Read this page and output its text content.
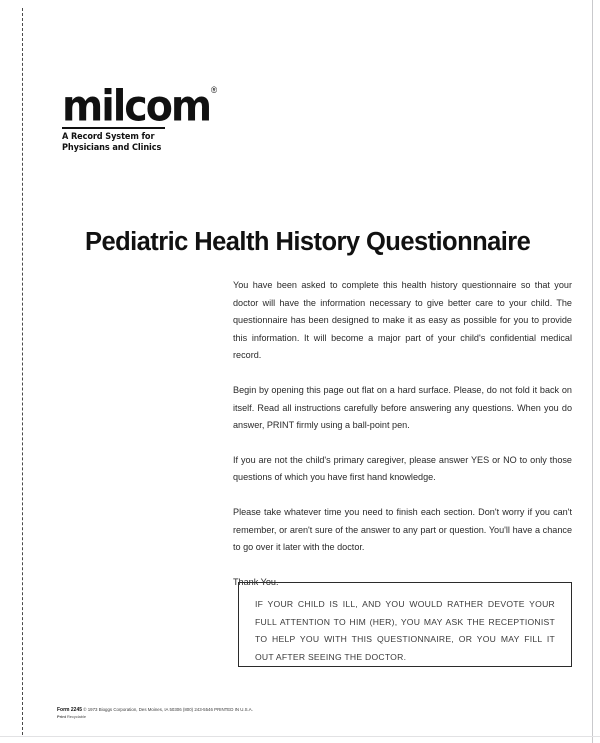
milcom®
A Record System for
Physicians and Clinics
Pediatric Health History Questionnaire

You have been asked to complete this health history questionnaire so that your doctor will have the information necessary to give better care to your child. The questionnaire has been designed to make it as easy as possible for you to provide this information. It will become a major part of your child's confidential medical record.

Begin by opening this page out flat on a hard surface. Please, do not fold it back on itself. Read all instructions carefully before answering any questions. When you do answer, PRINT firmly using a ball-point pen.

If you are not the child's primary caregiver, please answer YES or NO to only those questions of which you have first hand knowledge.

Please take whatever time you need to finish each section. Don't worry if you can't remember, or aren't sure of the answer to any part or question. You'll have a chance to go over it later with the doctor.

Thank You.

IF YOUR CHILD IS ILL, AND YOU WOULD RATHER DEVOTE YOUR FULL ATTENTION TO HIM (HER), YOU MAY ASK THE RECEPTIONIST TO HELP YOU WITH THIS QUESTIONNAIRE, OR YOU MAY FILL IT OUT AFTER SEEING THE DOCTOR.
Form 2245 © 1973 Bioggs Corporation, Des Moines, IA 50306 (800) 243-5546 PRINTED IN U.S.A.
Print Recyclable
